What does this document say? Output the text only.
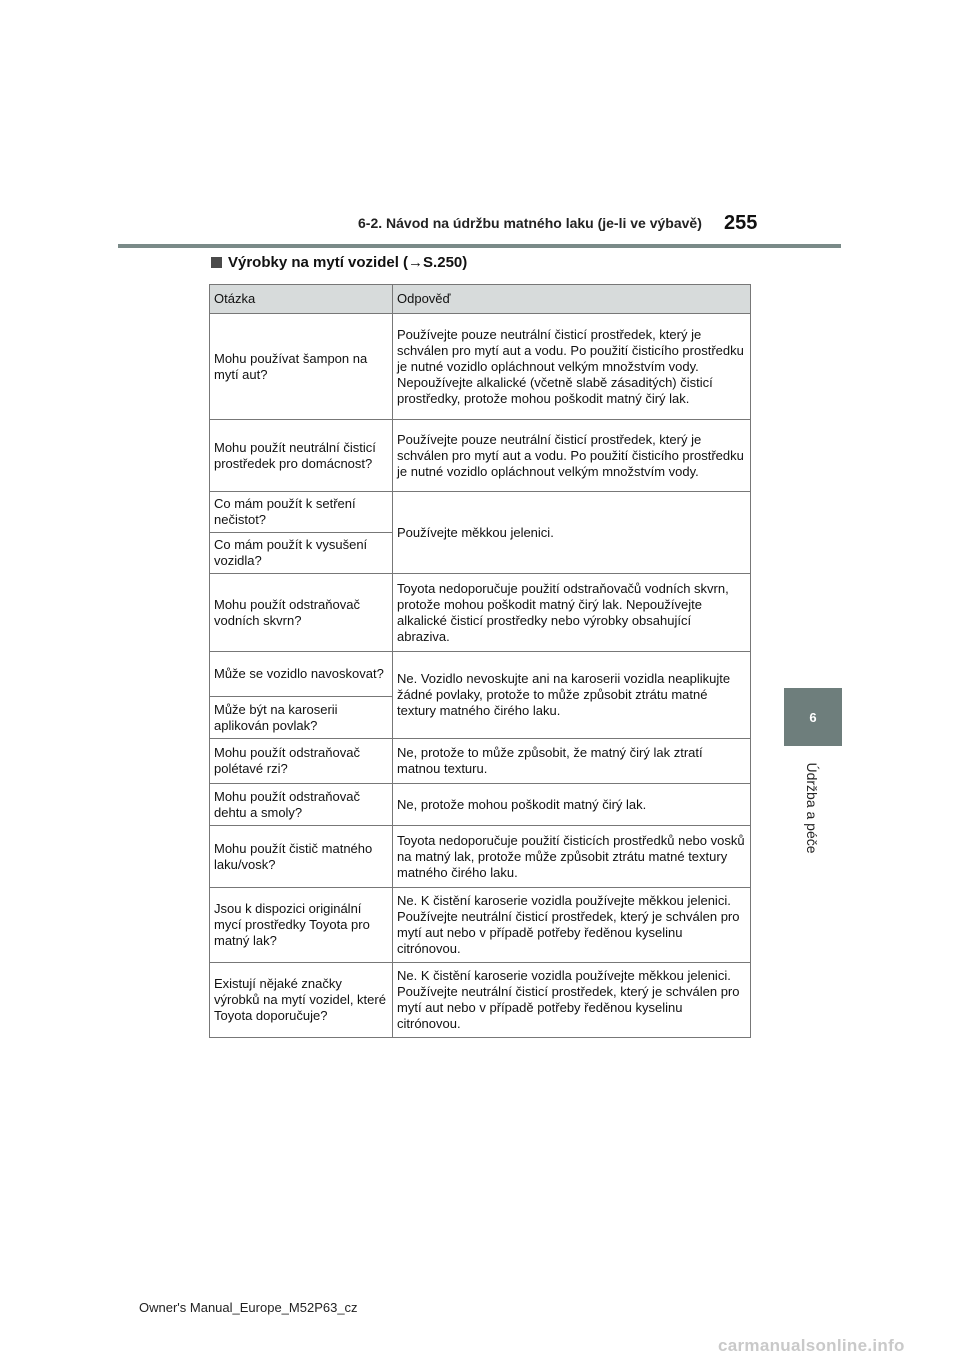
6-2. Návod na údržbu matného laku (je-li ve výbavě) 255
6
Údržba a péče
Výrobky na mytí vozidel (→S.250)
Otázka	Odpověď
Mohu používat šampon na mytí aut?	Používejte pouze neutrální čisticí prostředek, který je schválen pro mytí aut a vodu. Po použití čisticího prostředku je nutné vozidlo opláchnout velkým množstvím vody.
Nepoužívejte alkalické (včetně slabě zásaditých) čisticí prostředky, protože mohou poškodit matný čirý lak.
Mohu použít neutrální čisticí prostředek pro domácnost?	Používejte pouze neutrální čisticí prostředek, který je schválen pro mytí aut a vodu. Po použití čisticího prostředku je nutné vozidlo opláchnout velkým množstvím vody.
Co mám použít k setření nečistot?	Používejte měkkou jelenici.
Co mám použít k vysušení vozidla?	
Mohu použít odstraňovač vodních skvrn?	Toyota nedoporučuje použití odstraňovačů vodních skvrn, protože mohou poškodit matný čirý lak. Nepoužívejte alkalické čisticí prostředky nebo výrobky obsahující abraziva.
Může se vozidlo navoskovat?	Ne. Vozidlo nevoskujte ani na karoserii vozidla neaplikujte žádné povlaky, protože to může způsobit ztrátu matné textury matného čirého laku.
Může být na karoserii aplikován povlak?	
Mohu použít odstraňovač polétavé rzi?	Ne, protože to může způsobit, že matný čirý lak ztratí matnou texturu.
Mohu použít odstraňovač dehtu a smoly?	Ne, protože mohou poškodit matný čirý lak.
Mohu použít čistič matného laku/vosk?	Toyota nedoporučuje použití čisticích prostředků nebo vosků na matný lak, protože může způsobit ztrátu matné textury matného čirého laku.
Jsou k dispozici originální mycí prostředky Toyota pro matný lak?	Ne. K čistění karoserie vozidla používejte měkkou jelenici. Používejte neutrální čisticí prostředek, který je schválen pro mytí aut nebo v případě potřeby ředěnou kyselinu citrónovou.
Existují nějaké značky výrobků na mytí vozidel, které Toyota doporučuje?	Ne. K čistění karoserie vozidla používejte měkkou jelenici. Používejte neutrální čisticí prostředek, který je schválen pro mytí aut nebo v případě potřeby ředěnou kyselinu citrónovou.
Owner's Manual_Europe_M52P63_cz
carmanualsonline.info
